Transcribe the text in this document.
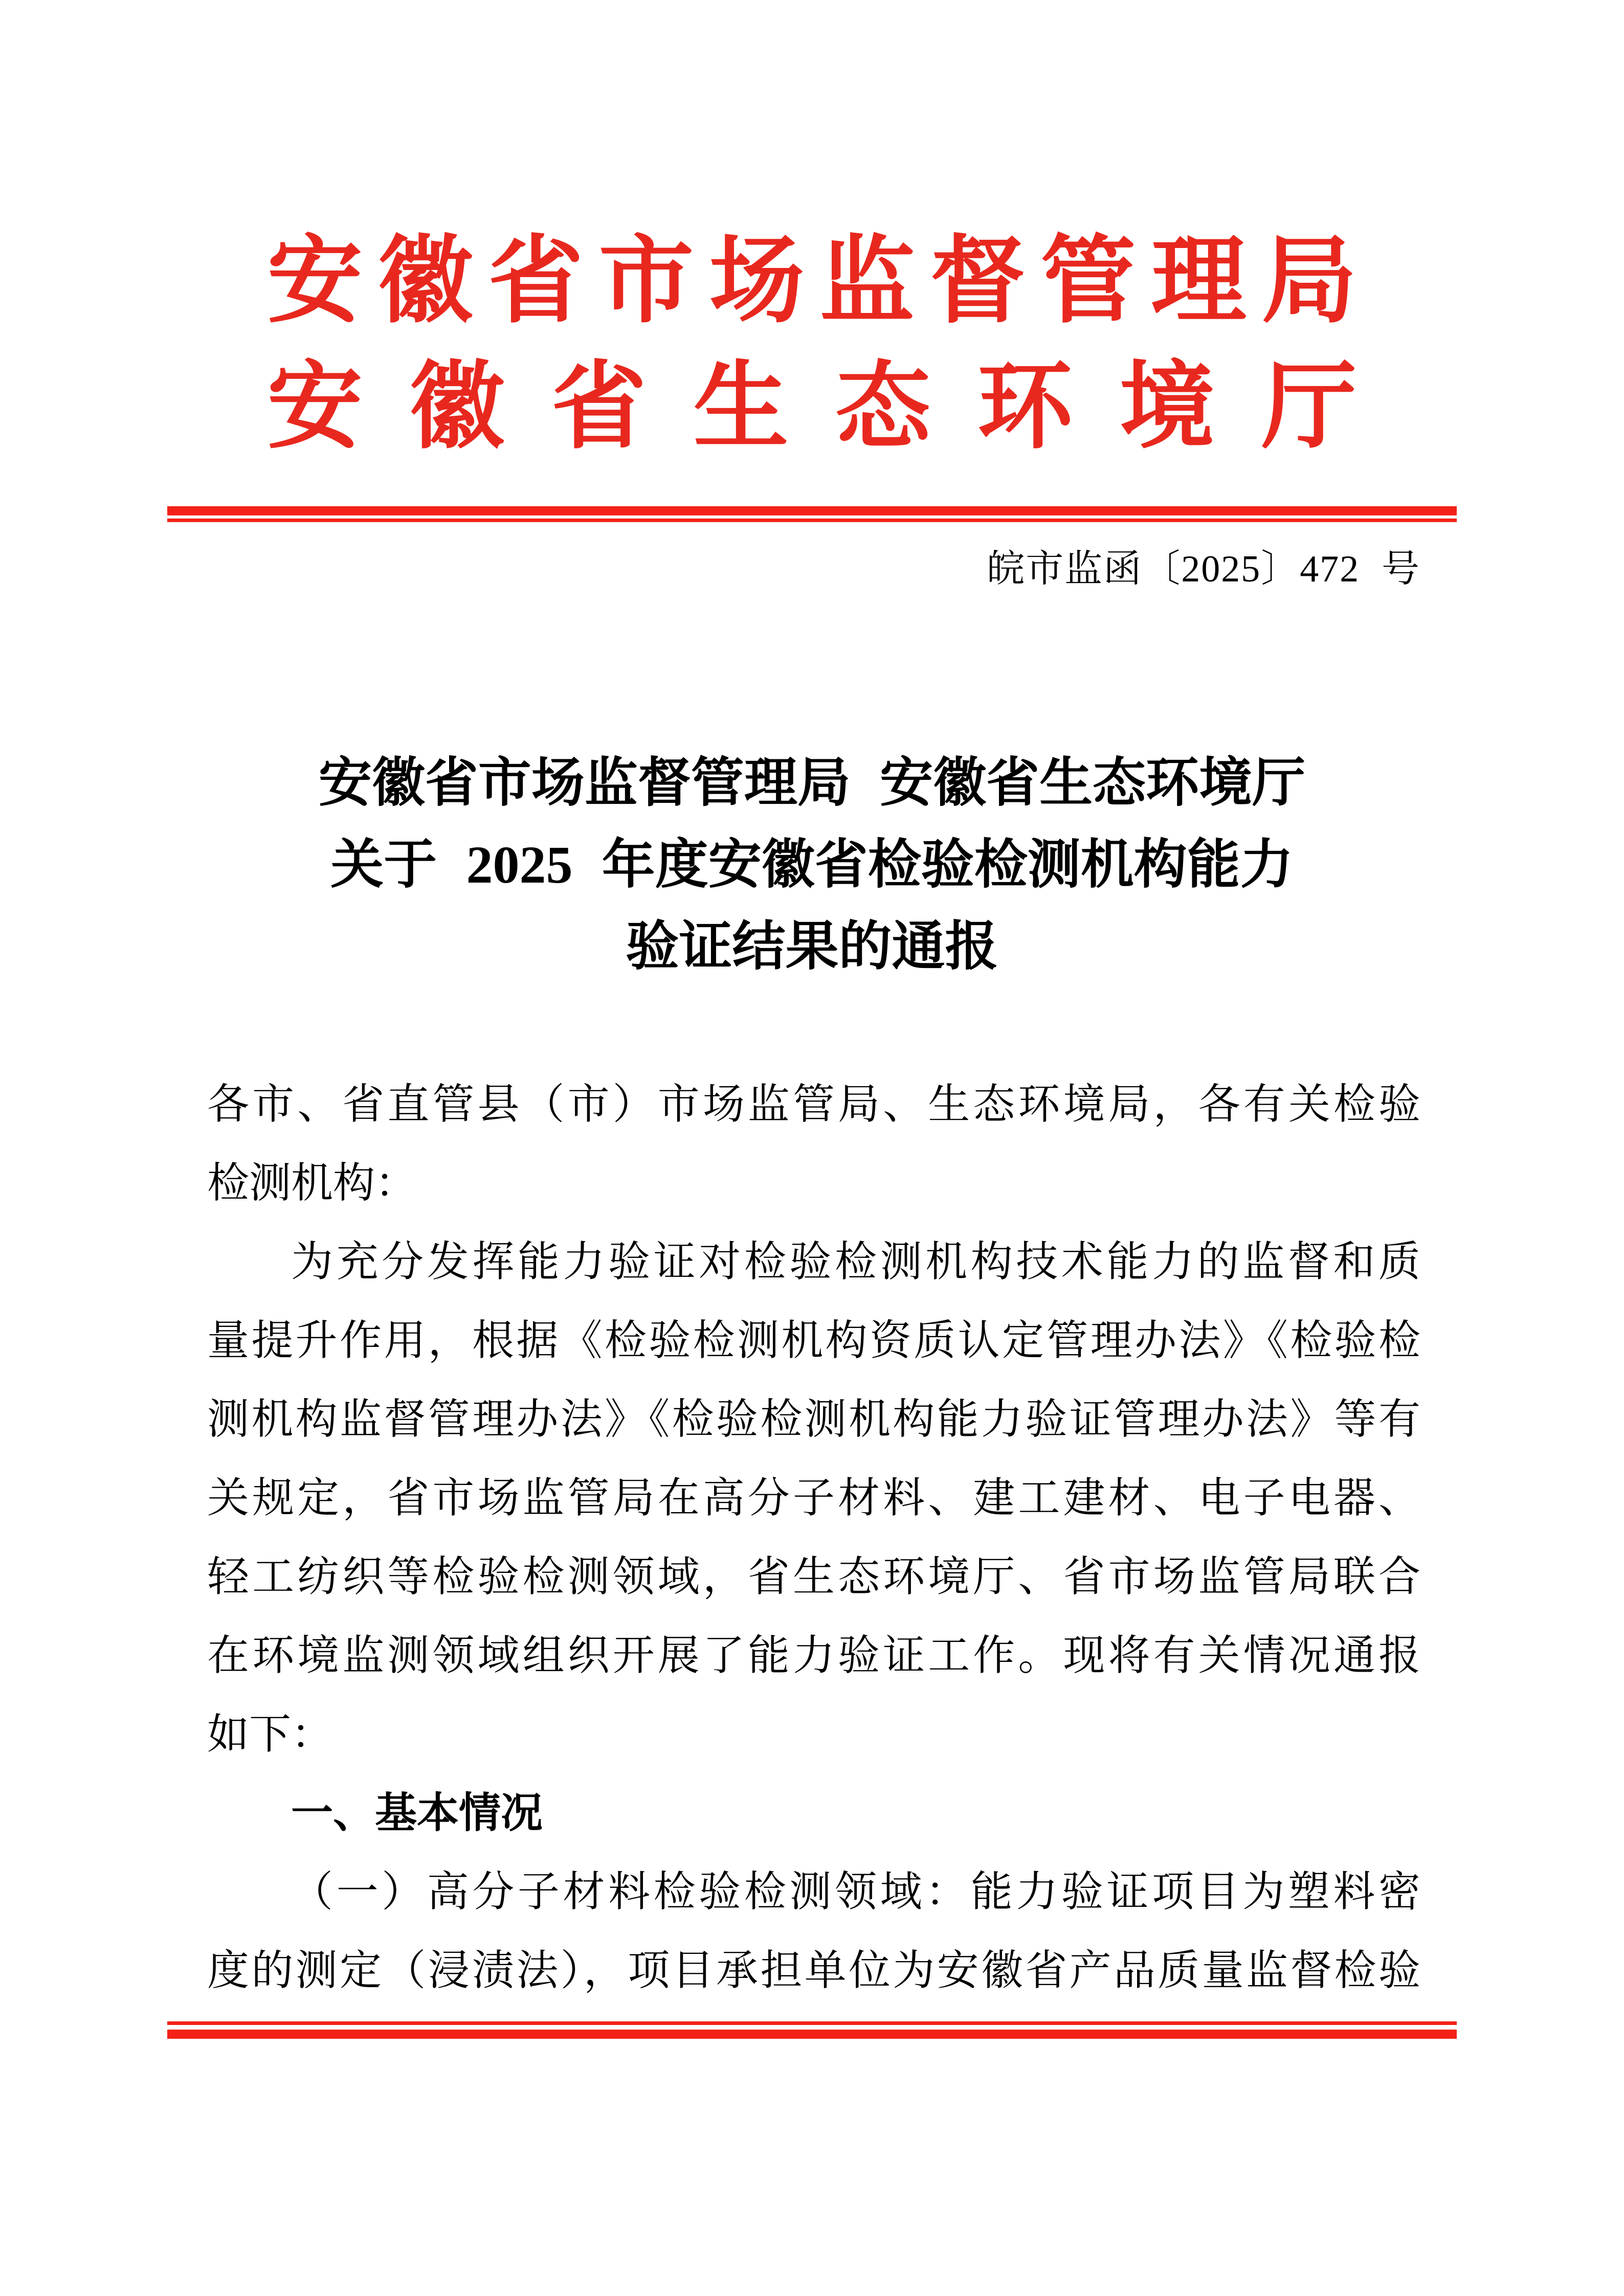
安徽省市场监督管理局
安徽省生态环境厅
皖市监函〔2025〕472 号
安徽省市场监督管理局 安徽省生态环境厅
关于 2025 年度安徽省检验检测机构能力
验证结果的通报
各市、省直管县（市）市场监管局、生态环境局，各有关检验
检测机构：
为充分发挥能力验证对检验检测机构技术能力的监督和质
量提升作用，根据《检验检测机构资质认定管理办法》《检验检
测机构监督管理办法》《检验检测机构能力验证管理办法》等有
关规定，省市场监管局在高分子材料、建工建材、电子电器、
轻工纺织等检验检测领域，省生态环境厅、省市场监管局联合
在环境监测领域组织开展了能力验证工作。现将有关情况通报
如下：
一、基本情况
（一）高分子材料检验检测领域：能力验证项目为塑料密
度的测定（浸渍法），项目承担单位为安徽省产品质量监督检验
